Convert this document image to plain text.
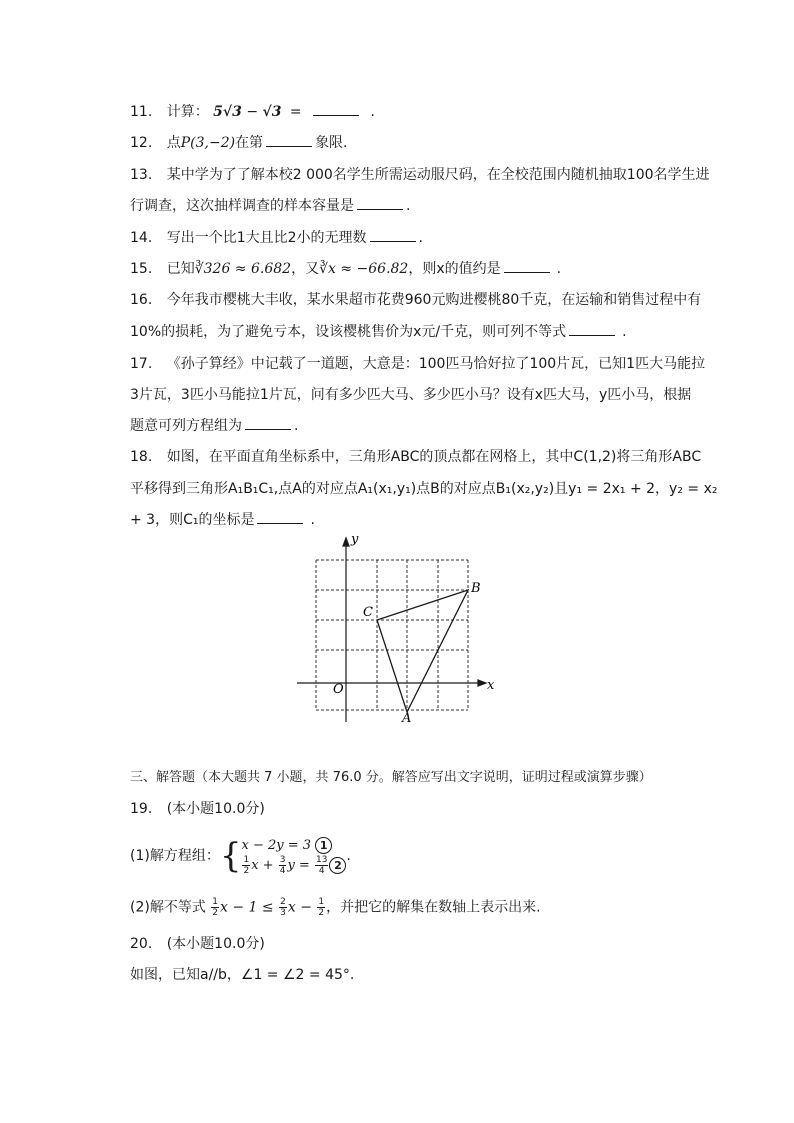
11. 计算： 5√3 − √3 =	.
12. 点P(3,−2)在第	象限.
13. 某中学为了了解本校2 000名学生所需运动服尺码，在全校范围内随机抽取100名学生进
行调查，这次抽样调查的样本容量是	.
14. 写出一个比1大且比2小的无理数	.
15. 已知∛326 ≈ 6.682，又∛x ≈ −66.82，则x的值约是	.
16. 今年我市樱桃大丰收，某水果超市花费960元购进樱桃80千克，在运输和销售过程中有
10%的损耗，为了避免亏本，设该樱桃售价为x元/千克，则可列不等式	.
17. 《孙子算经》中记载了一道题，大意是：100匹马恰好拉了100片瓦，已知1匹大马能拉
3片瓦，3匹小马能拉1片瓦，问有多少匹大马、多少匹小马？设有x匹大马，y匹小马，根据
题意可列方程组为	.
18. 如图，在平面直角坐标系中，三角形ABC的顶点都在网格上，其中C(1,2)将三角形ABC
平移得到三角形A₁B₁C₁,点A的对应点A₁(x₁,y₁)点B的对应点B₁(x₂,y₂)且y₁ = 2x₁ + 2，y₂ = x₂
+ 3，则C₁的坐标是	.
y
x
O
A
B
C
三、解答题（本大题共 7 小题，共 76.0 分。解答应写出文字说明，证明过程或演算步骤）
19. (本小题10.0分)
(1)解方程组： { x − 2y = 3 1
$\frac{1}{2}$ $x + \frac{3}{4}$ $y = \frac{13}{4} 2$
.
(2)解不等式 $\frac{1}{2}$ $x - 1 \le \frac{2}{3}$ $x - \frac{1}{2}$ ，并把它的解集在数轴上表示出来.
20. (本小题10.0分)
如图，已知a//b，∠1 = ∠2 = 45°.
